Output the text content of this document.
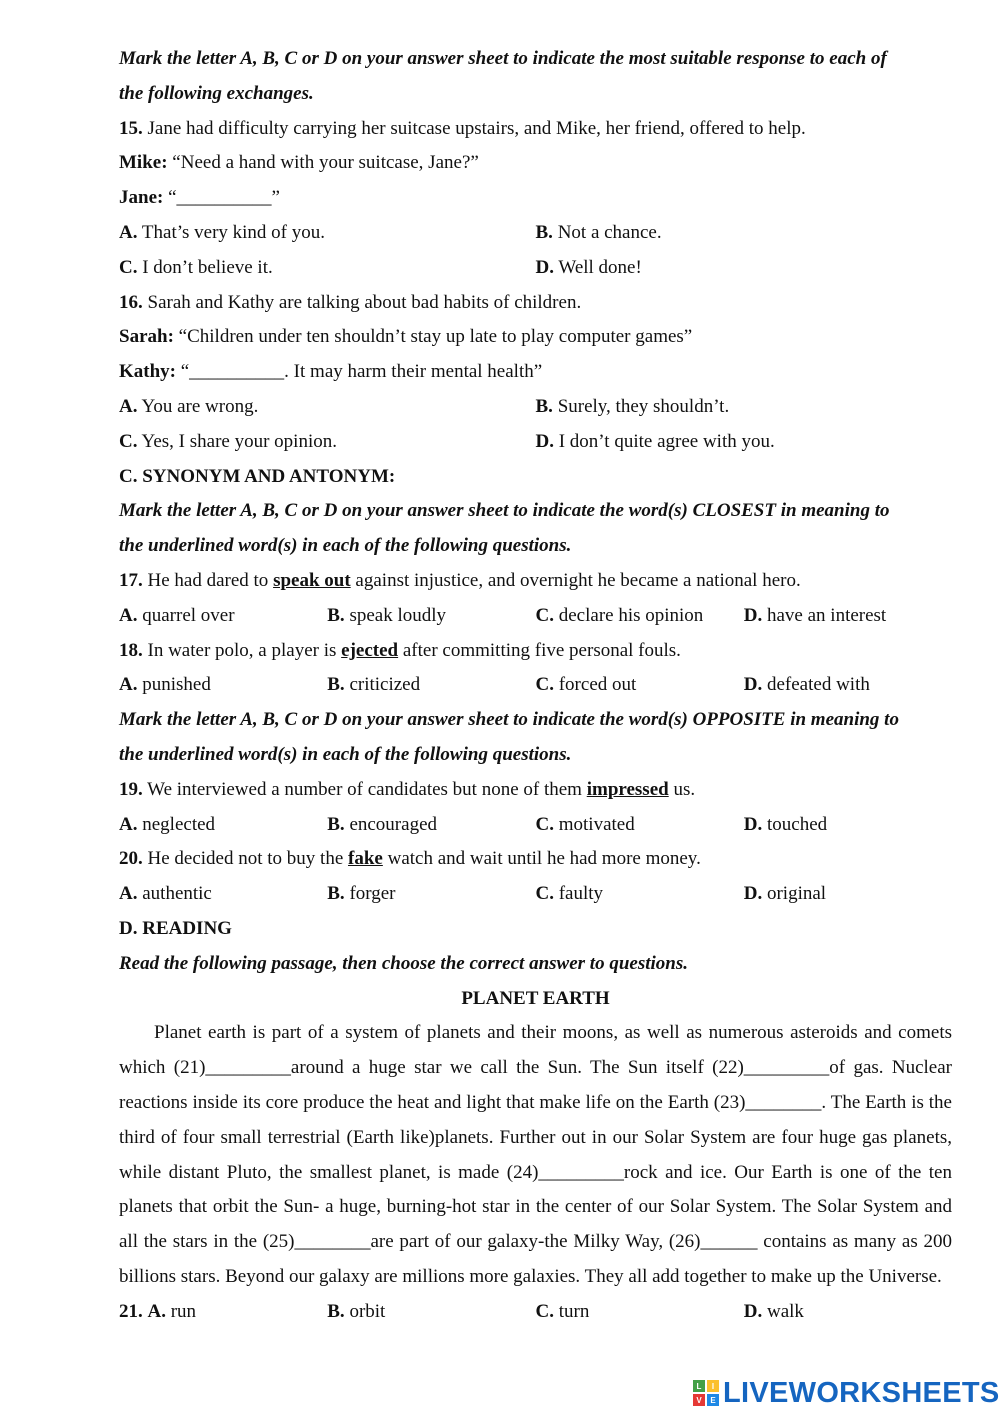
Mark the letter A, B, C or D on your answer sheet to indicate the most suitable response to each of
the following exchanges.
15. Jane had difficulty carrying her suitcase upstairs, and Mike, her friend, offered to help.
Mike: “Need a hand with your suitcase, Jane?”
Jane: “__________”
A. That’s very kind of you.	B. Not a chance.
C. I don’t believe it.	D. Well done!
16. Sarah and Kathy are talking about bad habits of children.
Sarah: “Children under ten shouldn’t stay up late to play computer games”
Kathy: “__________. It may harm their mental health”
A. You are wrong.	B. Surely, they shouldn’t.
C. Yes, I share your opinion.	D. I don’t quite agree with you.
C. SYNONYM AND ANTONYM:
Mark the letter A, B, C or D on your answer sheet to indicate the word(s) CLOSEST in meaning to
the underlined word(s) in each of the following questions.
17. He had dared to speak out against injustice, and overnight he became a national hero.
A. quarrel over	B. speak loudly	C. declare his opinion	D. have an interest
18. In water polo, a player is ejected after committing five personal fouls.
A. punished	B. criticized	C. forced out	D. defeated with
Mark the letter A, B, C or D on your answer sheet to indicate the word(s) OPPOSITE in meaning to
the underlined word(s) in each of the following questions.
19. We interviewed a number of candidates but none of them impressed us.
A. neglected	B. encouraged	C. motivated	D. touched
20. He decided not to buy the fake watch and wait until he had more money.
A. authentic	B. forger	C. faulty	D. original
D. READING
Read the following passage, then choose the correct answer to questions.
PLANET EARTH

Planet earth is part of a system of planets and their moons, as well as numerous asteroids and comets which (21)_________around a huge star we call the Sun. The Sun itself (22)_________of gas. Nuclear reactions inside its core produce the heat and light that make life on the Earth (23)________. The Earth is the third of four small terrestrial (Earth like)planets. Further out in our Solar System are four huge gas planets, while distant Pluto, the smallest planet, is made (24)_________rock and ice. Our Earth is one of the ten planets that orbit the Sun- a huge, burning-hot star in the center of our Solar System. The Solar System and all the stars in the (25)________are part of our galaxy-the Milky Way, (26)______ contains as many as 200 billions stars. Beyond our galaxy are millions more galaxies. They all add together to make up the Universe.

21. A. run	B. orbit	C. turn	D. walk
L I
V E LIVEWORKSHEETS
